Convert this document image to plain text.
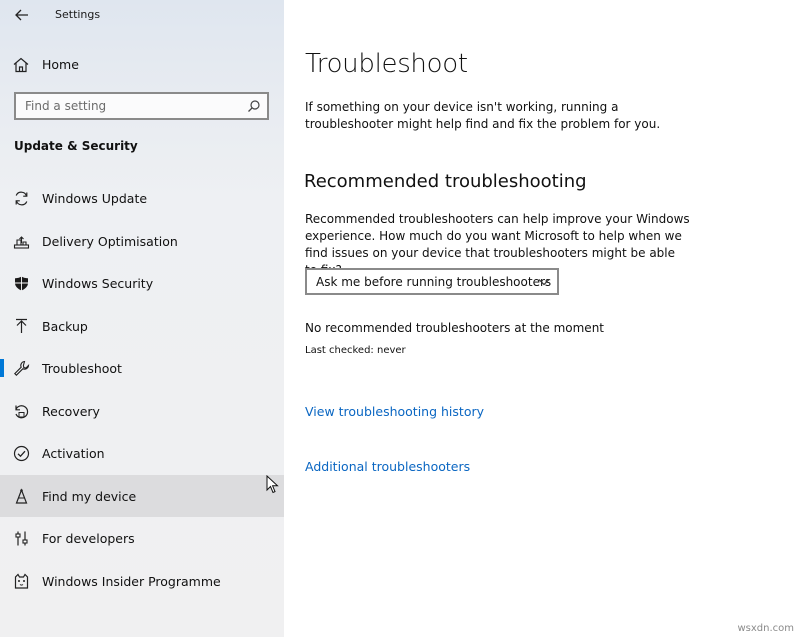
Settings
Home
Find a setting
Update & Security
Windows Update
Delivery Optimisation
Windows Security
Backup
Troubleshoot
Recovery
Activation
Find my device
For developers
Windows Insider Programme
Troubleshoot
If something on your device isn't working, running a troubleshooter might help find and fix the problem for you.
Recommended troubleshooting
Recommended troubleshooters can help improve your Windows experience. How much do you want Microsoft to help when we find issues on your device that troubleshooters might be able
Ask me before running troubleshooters
No recommended troubleshooters at the moment
Last checked: never
View troubleshooting history
Additional troubleshooters
wsxdn.com
